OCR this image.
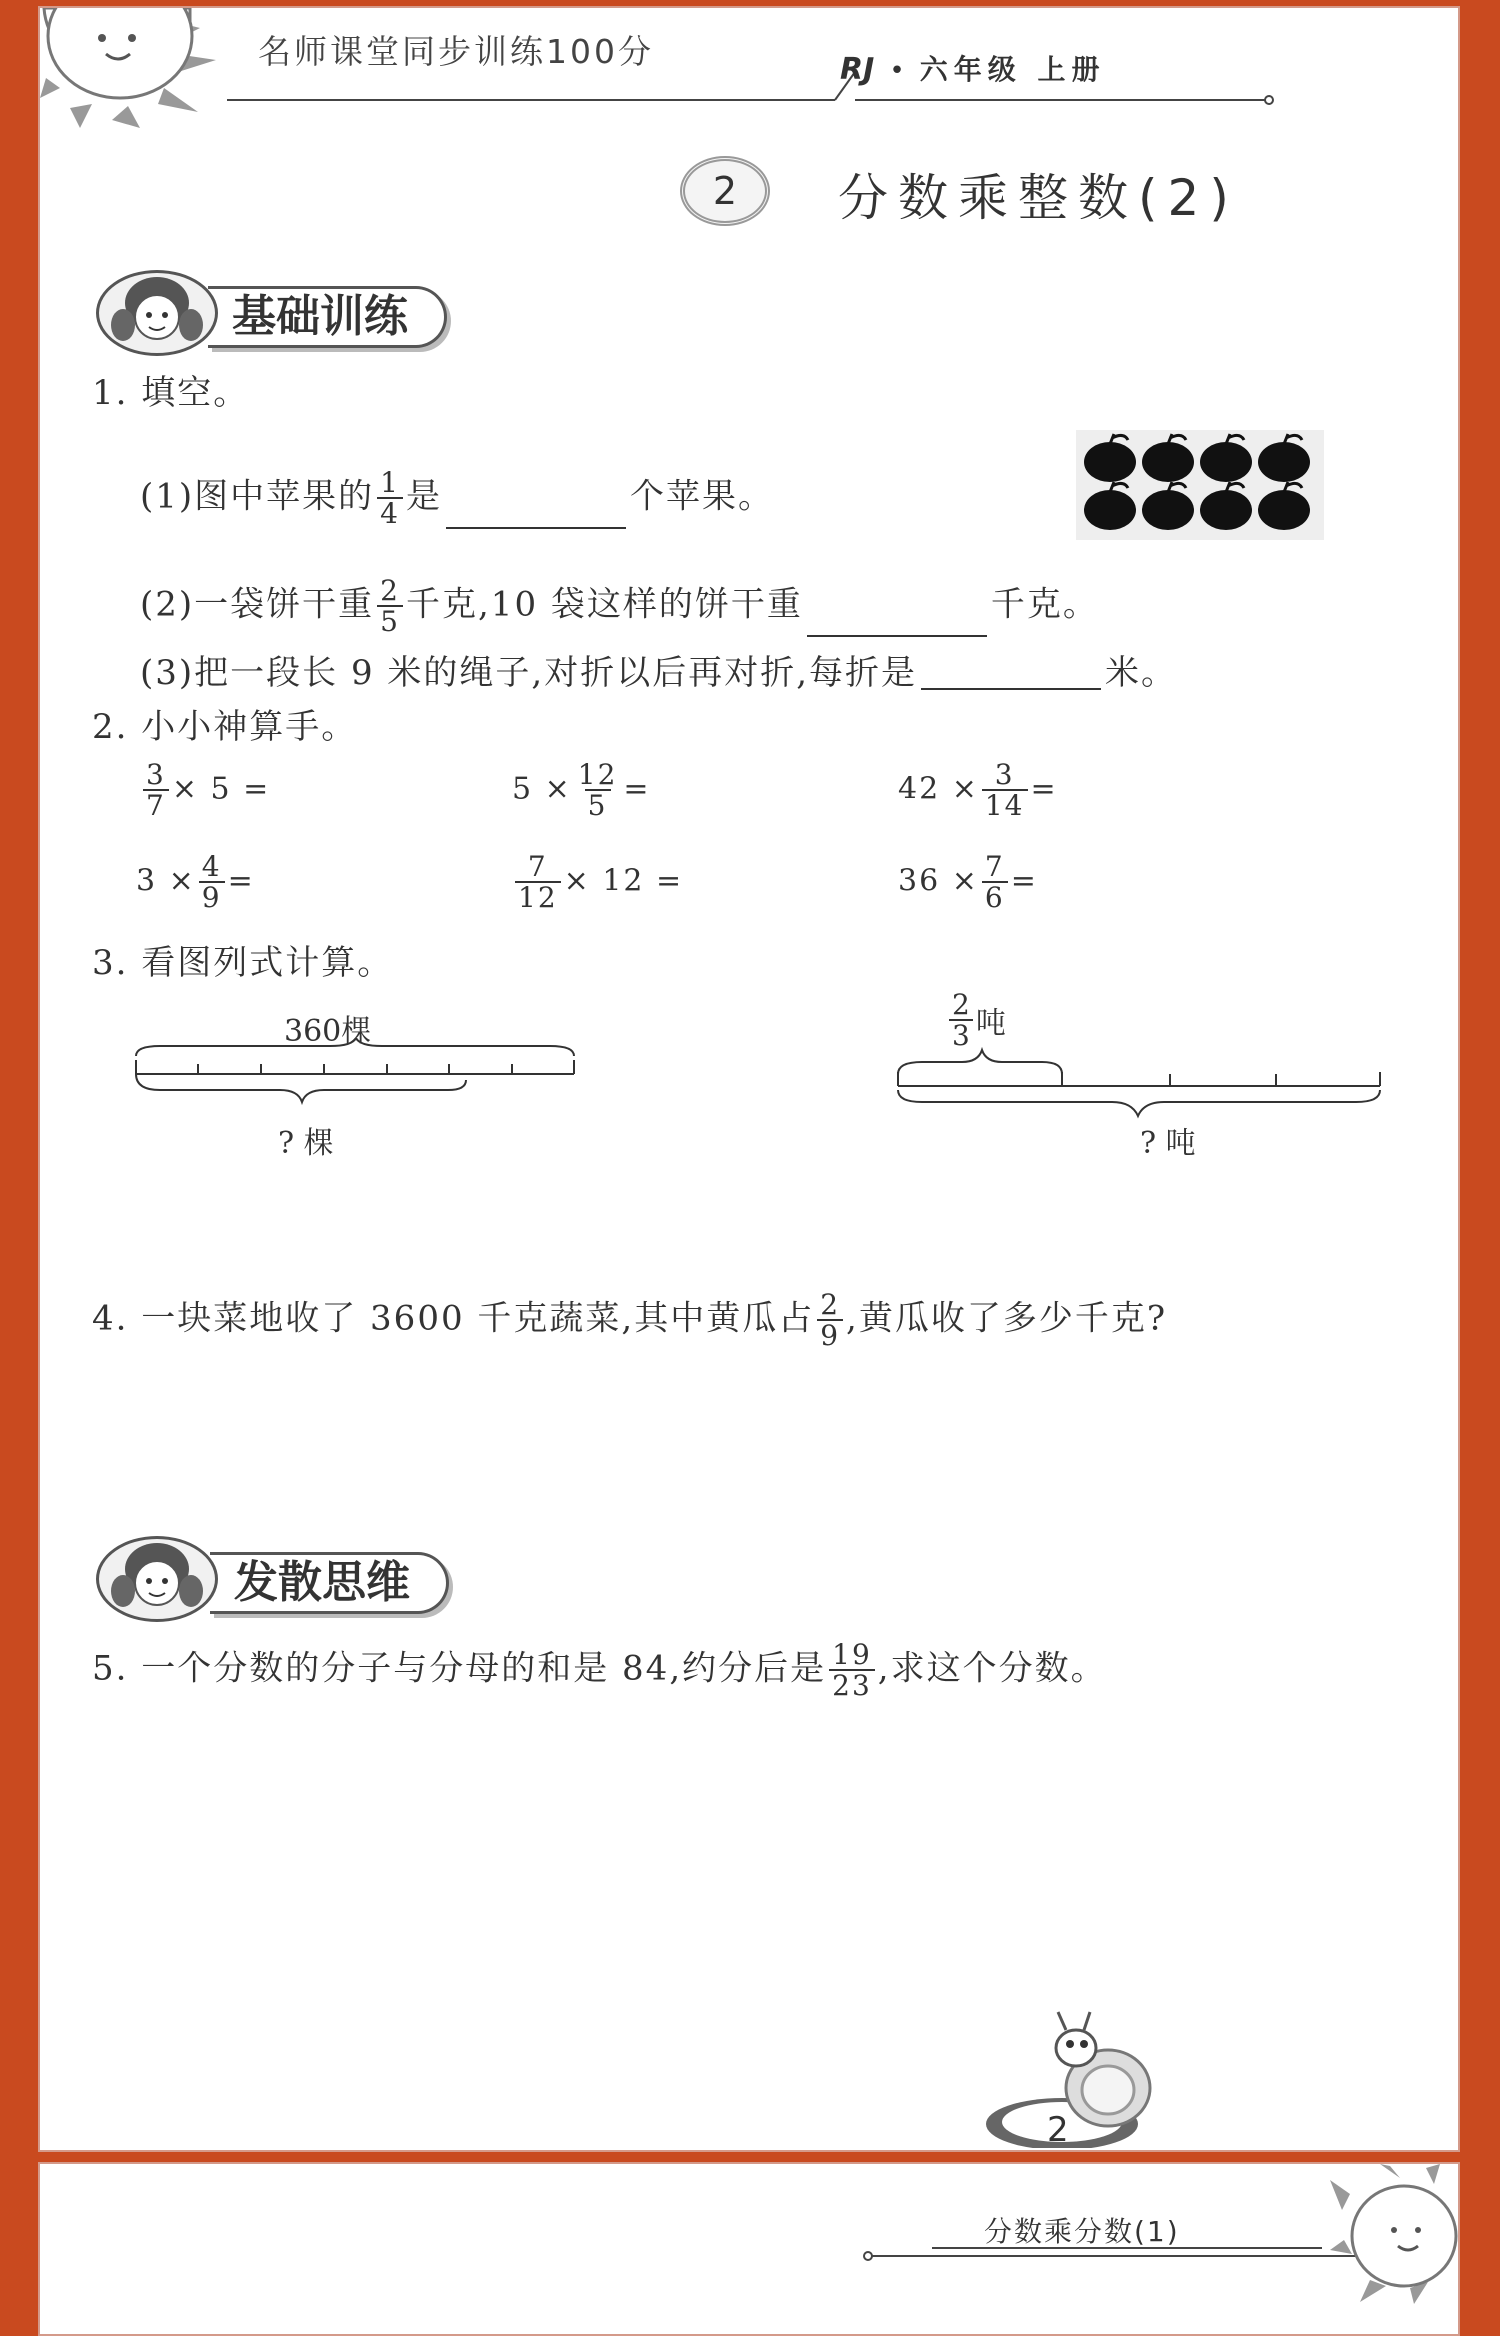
名师课堂同步训练100分	RJ • 六年级 上册
2	分数乘整数(2)
基础训练
1. 填空。
(1)图中苹果的 $\frac{1}{4}$ 是	个苹果。
(2)一袋饼干重 $\frac{2}{5}$ 千克,10 袋这样的饼干重	千克。
(3)把一段长 9 米的绳子,对折以后再对折,每折是	米。
2. 小小神算手。
$\frac{3}{7} \times 5$ =	$5 \times \frac{12}{5}$ =	$42 \times \frac{3}{14}$ =
$3 \times \frac{4}{9}$ =	$\frac{7}{12} \times 12$ =	$36 \times \frac{7}{6}$ =
3. 看图列式计算。
360棵
? 棵
$\frac{2}{3}$ 吨
? 吨
4. 一块菜地收了 3600 千克蔬菜,其中黄瓜占 $\frac{2}{9}$ ,黄瓜收了多少千克?
发散思维
5. 一个分数的分子与分母的和是 84,约分后是 $\frac{19}{23}$ ,求这个分数。
2
分数乘分数(1)
